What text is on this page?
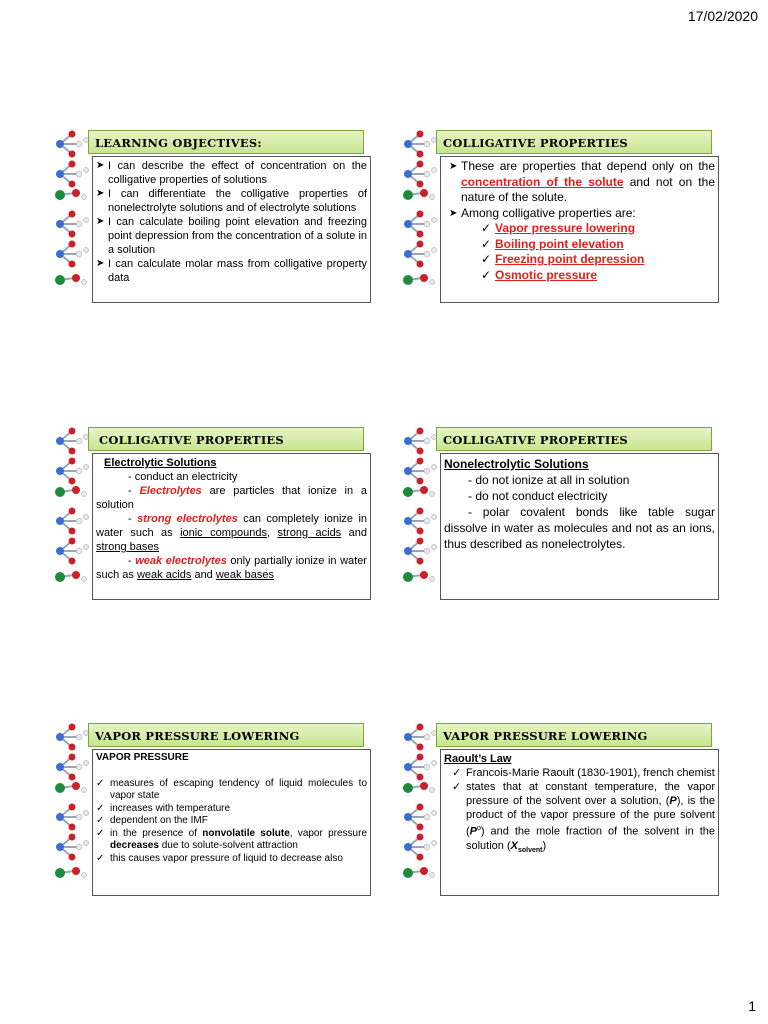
17/02/2020
LEARNING OBJECTIVES:
➤ I can describe the effect of concentration on the colligative properties of solutions
➤ I can differentiate the colligative properties of nonelectrolyte solutions and of electrolyte solutions
➤ I can calculate boiling point elevation and freezing point depression from the concentration of a solute in a solution
➤ I can calculate molar mass from colligative property data
COLLIGATIVE PROPERTIES
➤ These are properties that depend only on the concentration of the solute and not on the nature of the solute.
➤ Among colligative properties are:
✓ Vapor pressure lowering
✓ Boiling point elevation
✓ Freezing point depression
✓ Osmotic pressure
COLLIGATIVE PROPERTIES
Electrolytic Solutions
- conduct an electricity
- Electrolytes are particles that ionize in a solution
- strong electrolytes can completely ionize in water such as ionic compounds, strong acids and strong bases
- weak electrolytes only partially ionize in water such as weak acids and weak bases
COLLIGATIVE PROPERTIES
Nonelectrolytic Solutions
- do not ionize at all in solution
- do not conduct electricity
- polar covalent bonds like table sugar dissolve in water as molecules and not as an ions, thus described as nonelectrolytes.
VAPOR PRESSURE LOWERING
VAPOR PRESSURE
✓ measures of escaping tendency of liquid molecules to vapor state
✓ increases with temperature
✓ dependent on the IMF
✓ in the presence of nonvolatile solute, vapor pressure decreases due to solute-solvent attraction
✓ this causes vapor pressure of liquid to decrease also
VAPOR PRESSURE LOWERING
Raoult’s Law
✓ Francois-Marie Raoult (1830-1901), french chemist
✓ states that at constant temperature, the vapor pressure of the solvent over a solution, (P), is the product of the vapor pressure of the pure solvent $(P^o)$ and the mole fraction of the solvent in the solution $(X_{solvent})$
1
